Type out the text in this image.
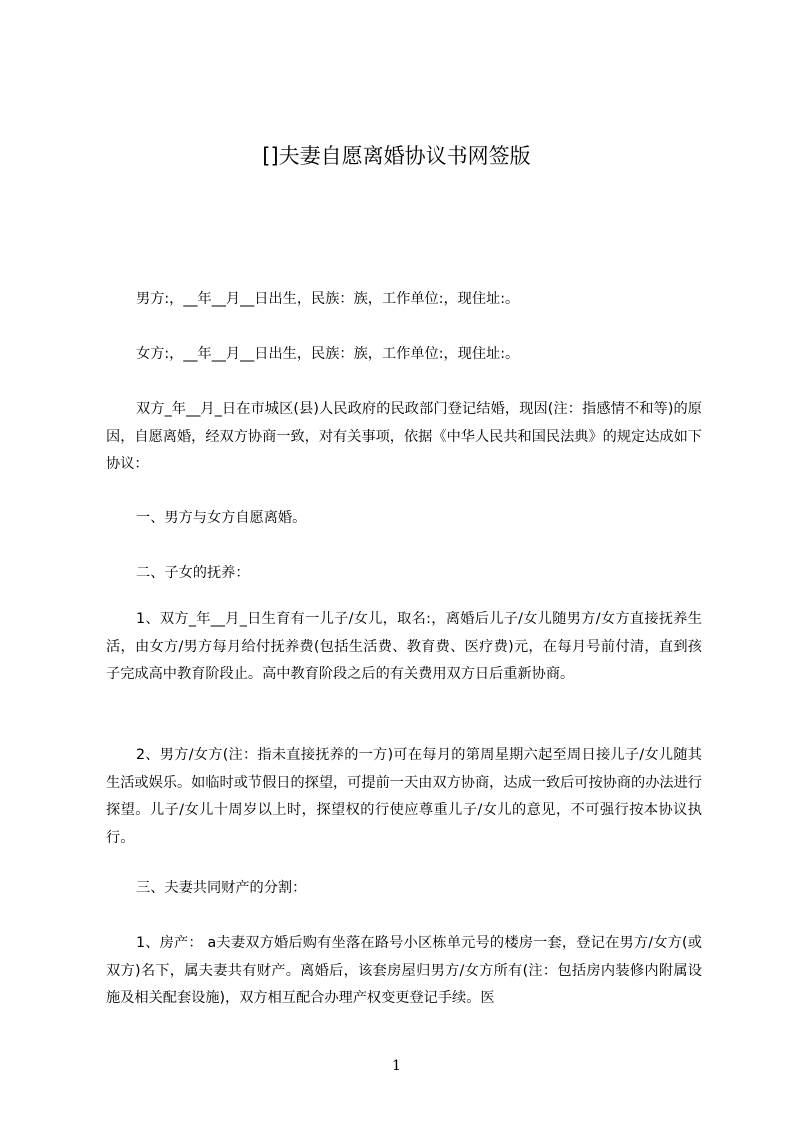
[]夫妻自愿离婚协议书网签版

男方:，__年__月__日出生，民族：族，工作单位:，现住址:。

女方:，__年__月__日出生，民族：族，工作单位:，现住址:。

双方_年__月_日在市城区(县)人民政府的民政部门登记结婚，现因(注：指感情不和等)的原因，自愿离婚，经双方协商一致，对有关事项，依据《中华人民共和国民法典》的规定达成如下协议：

一、男方与女方自愿离婚。

二、子女的抚养：

1、双方_年__月_日生育有一儿子/女儿，取名:，离婚后儿子/女儿随男方/女方直接抚养生活，由女方/男方每月给付抚养费(包括生活费、教育费、医疗费)元，在每月号前付清，直到孩子完成高中教育阶段止。高中教育阶段之后的有关费用双方日后重新协商。

2、男方/女方(注：指未直接抚养的一方)可在每月的第周星期六起至周日接儿子/女儿随其生活或娱乐。如临时或节假日的探望，可提前一天由双方协商，达成一致后可按协商的办法进行探望。儿子/女儿十周岁以上时，探望权的行使应尊重儿子/女儿的意见，不可强行按本协议执行。

三、夫妻共同财产的分割：

1、房产： a夫妻双方婚后购有坐落在路号小区栋单元号的楼房一套，登记在男方/女方(或双方)名下，属夫妻共有财产。离婚后，该套房屋归男方/女方所有(注：包括房内装修内附属设施及相关配套设施)，双方相互配合办理产权变更登记手续。医

1
